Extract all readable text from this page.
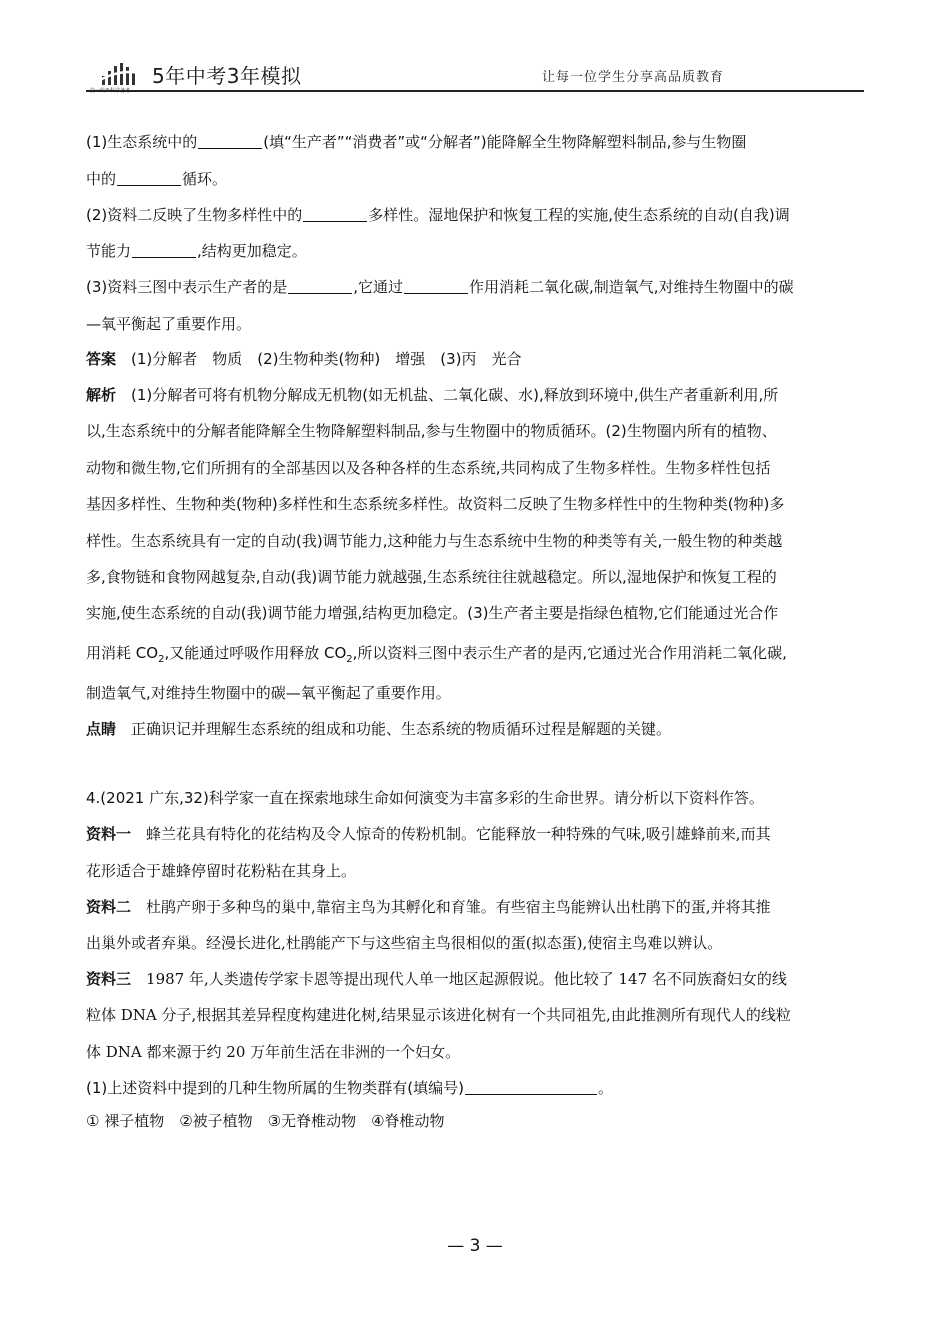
5年中考3年模拟	让每一位学生分享高品质教育
(1)生态系统中的	(填“生产者”“消费者”或“分解者”)能降解全生物降解塑料制品,参与生物圈
中的	循环。
(2)资料二反映了生物多样性中的	多样性。湿地保护和恢复工程的实施,使生态系统的自动(自我)调
节能力	,结构更加稳定。
(3)资料三图中表示生产者的是	,它通过	作用消耗二氧化碳,制造氧气,对维持生物圈中的碳
—氧平衡起了重要作用。
答案　 (1)分解者　物质　(2)生物种类(物种)　增强　(3)丙　光合
解析　 (1)分解者可将有机物分解成无机物(如无机盐、二氧化碳、水),释放到环境中,供生产者重新利用,所
以,生态系统中的分解者能降解全生物降解塑料制品,参与生物圈中的物质循环。(2)生物圈内所有的植物、
动物和微生物,它们所拥有的全部基因以及各种各样的生态系统,共同构成了生物多样性。生物多样性包括
基因多样性、生物种类(物种)多样性和生态系统多样性。故资料二反映了生物多样性中的生物种类(物种)多
样性。生态系统具有一定的自动(我)调节能力,这种能力与生态系统中生物的种类等有关,一般生物的种类越
多,食物链和食物网越复杂,自动(我)调节能力就越强,生态系统往往就越稳定。所以,湿地保护和恢复工程的
实施,使生态系统的自动(我)调节能力增强,结构更加稳定。(3)生产者主要是指绿色植物,它们能通过光合作
用消耗 $CO_2$,又能通过呼吸作用释放 $CO_2$,所以资料三图中表示生产者的是丙,它通过光合作用消耗二氧化碳,
制造氧气,对维持生物圈中的碳—氧平衡起了重要作用。
点睛　 正确识记并理解生态系统的组成和功能、生态系统的物质循环过程是解题的关键。
4.(2021 广东,32)科学家一直在探索地球生命如何演变为丰富多彩的生命世界。请分析以下资料作答。
资料一　 蜂兰花具有特化的花结构及令人惊奇的传粉机制。它能释放一种特殊的气味,吸引雄蜂前来,而其
花形适合于雄蜂停留时花粉粘在其身上。
资料二　 杜鹃产卵于多种鸟的巢中,靠宿主鸟为其孵化和育雏。有些宿主鸟能辨认出杜鹃下的蛋,并将其推
出巢外或者弃巢。经漫长进化,杜鹃能产下与这些宿主鸟很相似的蛋(拟态蛋),使宿主鸟难以辨认。
资料三　 1987 年,人类遗传学家卡恩等提出现代人单一地区起源假说。他比较了 147 名不同族裔妇女的线
粒体 DNA 分子,根据其差异程度构建进化树,结果显示该进化树有一个共同祖先,由此推测所有现代人的线粒
体 DNA 都来源于约 20 万年前生活在非洲的一个妇女。
(1)上述资料中提到的几种生物所属的生物类群有(填编号)	。
① 裸子植物　②被子植物　③无脊椎动物　④脊椎动物
— 3 —
